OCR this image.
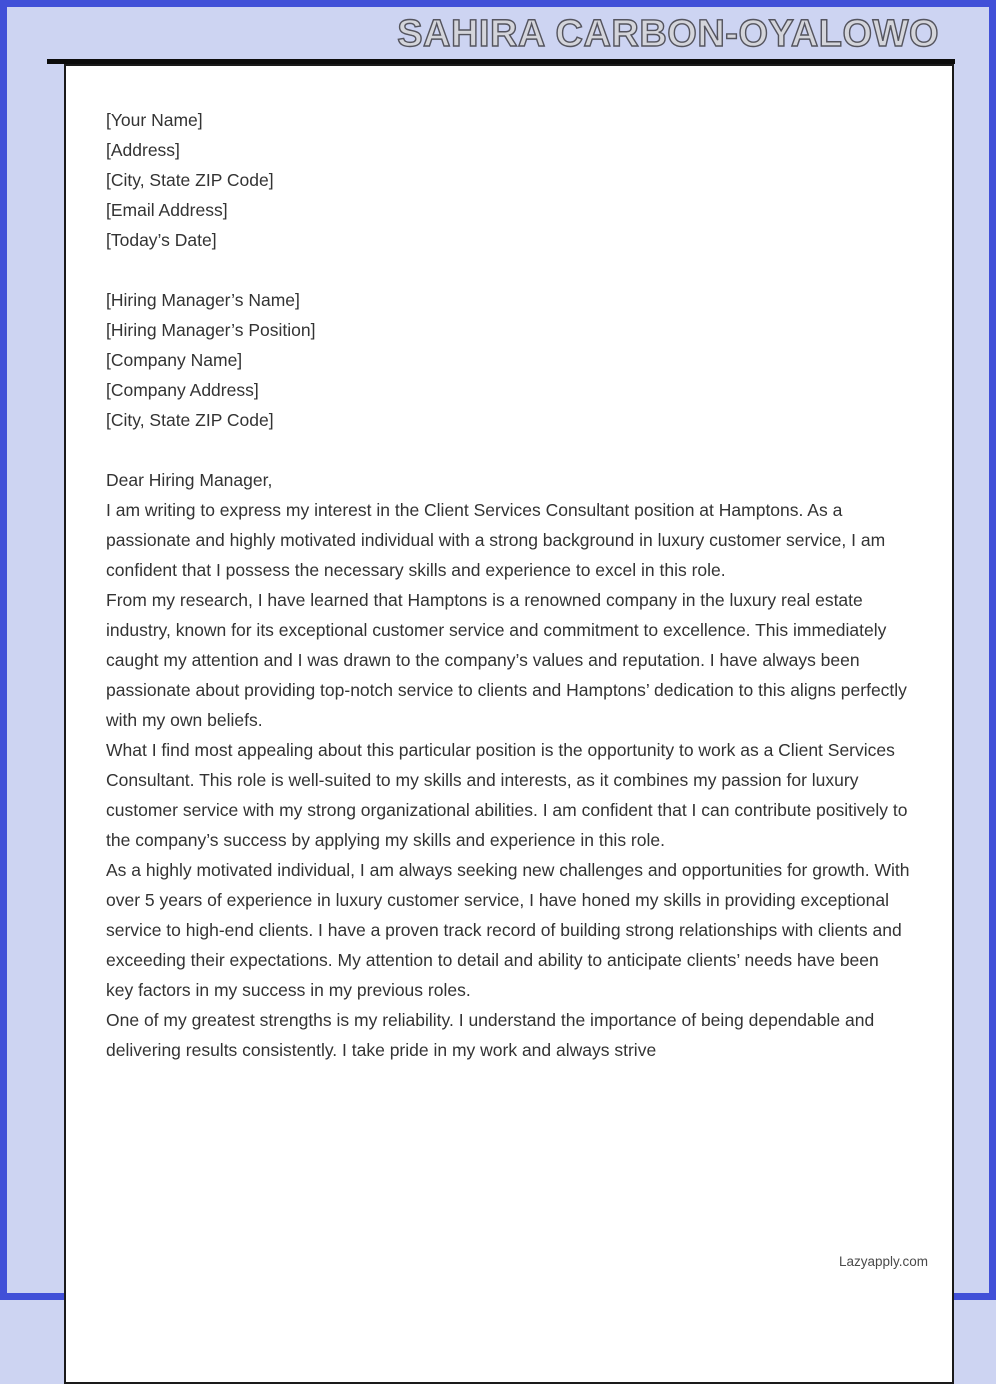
SAHIRA CARBON-OYALOWO

[Your Name]

[Address]

[City, State ZIP Code]

[Email Address]

[Today’s Date]

[Hiring Manager’s Name]

[Hiring Manager’s Position]

[Company Name]

[Company Address]

[City, State ZIP Code]

Dear Hiring Manager,

I am writing to express my interest in the Client Services Consultant position at Hamptons. As a passionate and highly motivated individual with a strong background in luxury customer service, I am confident that I possess the necessary skills and experience to excel in this role.

From my research, I have learned that Hamptons is a renowned company in the luxury real estate industry, known for its exceptional customer service and commitment to excellence. This immediately caught my attention and I was drawn to the company’s values and reputation. I have always been passionate about providing top-notch service to clients and Hamptons’ dedication to this aligns perfectly with my own beliefs.

What I find most appealing about this particular position is the opportunity to work as a Client Services Consultant. This role is well-suited to my skills and interests, as it combines my passion for luxury customer service with my strong organizational abilities. I am confident that I can contribute positively to the company’s success by applying my skills and experience in this role.

As a highly motivated individual, I am always seeking new challenges and opportunities for growth. With over 5 years of experience in luxury customer service, I have honed my skills in providing exceptional service to high-end clients. I have a proven track record of building strong relationships with clients and exceeding their expectations. My attention to detail and ability to anticipate clients’ needs have been key factors in my success in my previous roles.

One of my greatest strengths is my reliability. I understand the importance of being dependable and delivering results consistently. I take pride in my work and always strive

Lazyapply.com
